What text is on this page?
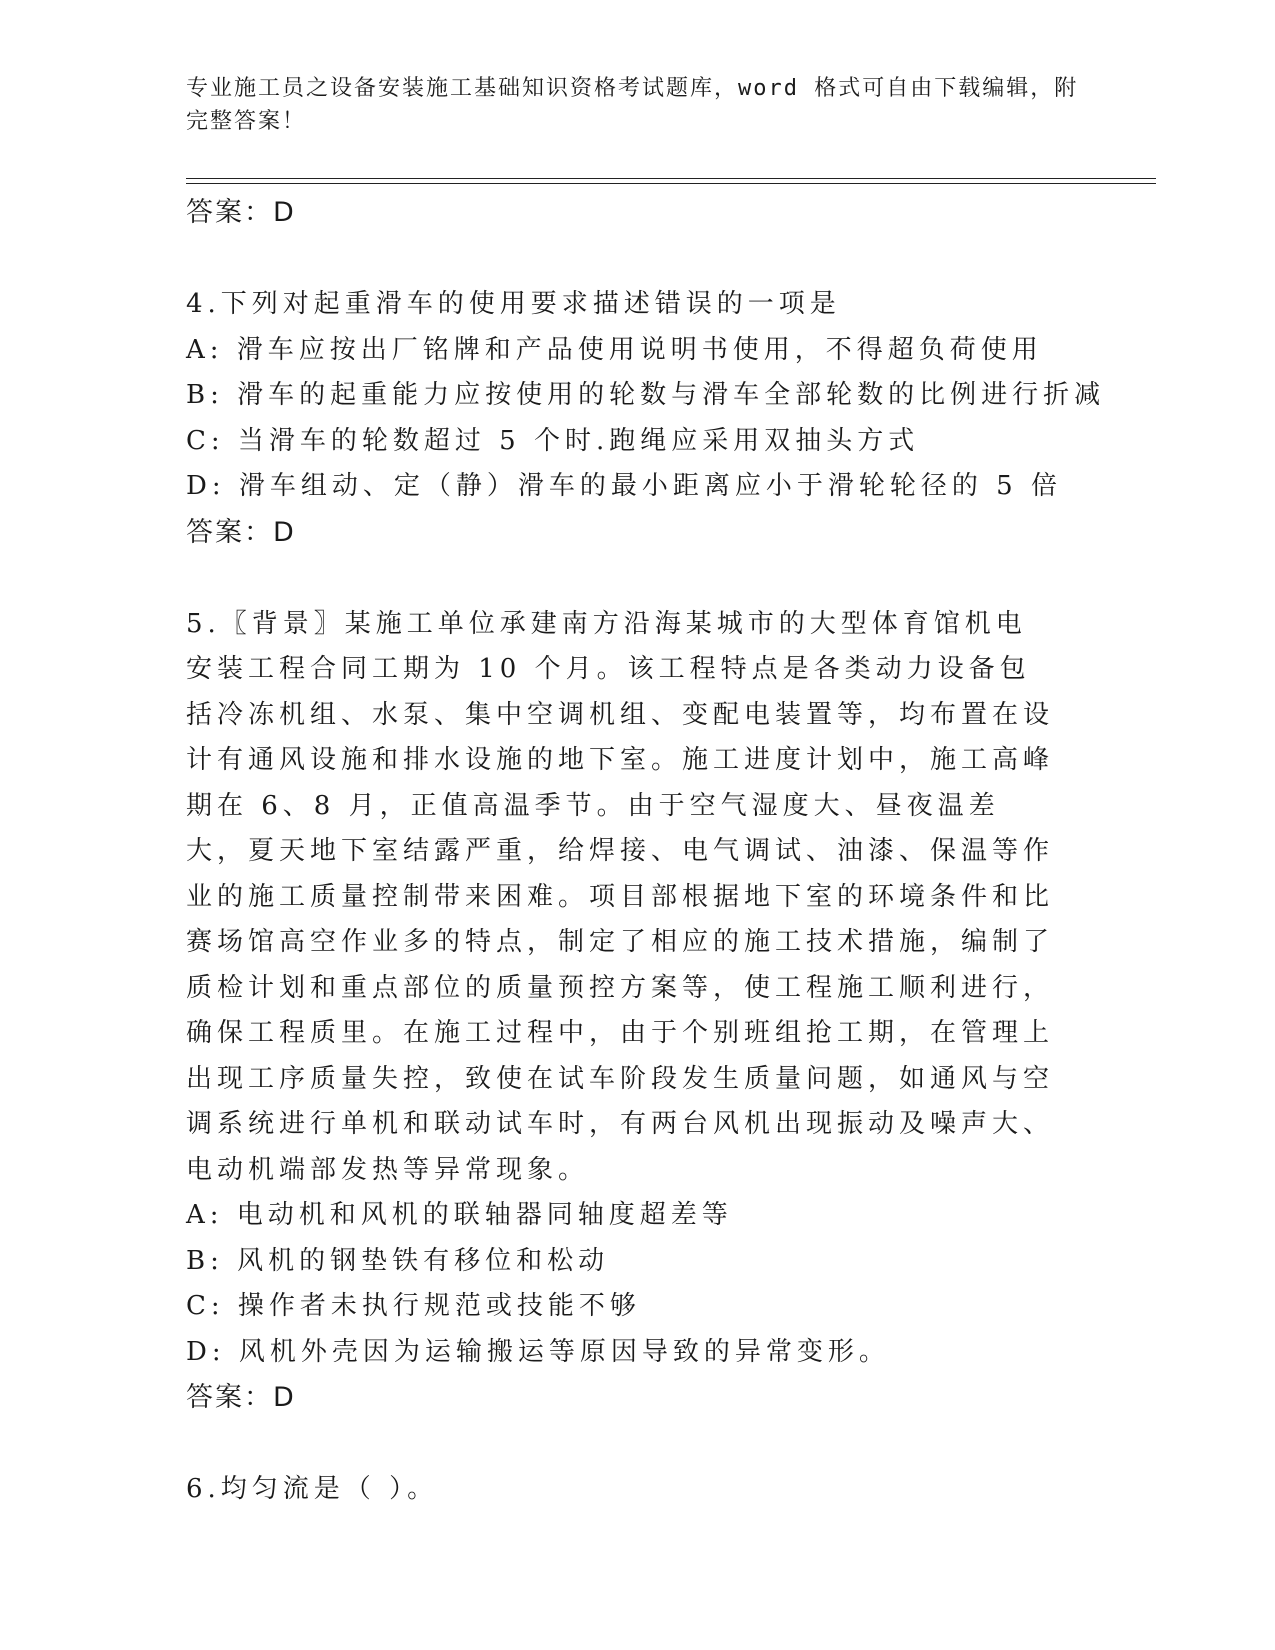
专业施工员之设备安装施工基础知识资格考试题库，word 格式可自由下载编辑，附完整答案！

答案：D

4.下列对起重滑车的使用要求描述错误的一项是

A: 滑车应按出厂铭牌和产品使用说明书使用，不得超负荷使用

B: 滑车的起重能力应按使用的轮数与滑车全部轮数的比例进行折减

C: 当滑车的轮数超过 5 个时.跑绳应采用双抽头方式

D: 滑车组动、定（静）滑车的最小距离应小于滑轮轮径的 5 倍

答案：D

5.〖背景〗某施工单位承建南方沿海某城市的大型体育馆机电安装工程合同工期为 10 个月。该工程特点是各类动力设备包括冷冻机组、水泵、集中空调机组、变配电装置等，均布置在设计有通风设施和排水设施的地下室。施工进度计划中，施工高峰期在 6、8 月，正值高温季节。由于空气湿度大、昼夜温差大，夏天地下室结露严重，给焊接、电气调试、油漆、保温等作业的施工质量控制带来困难。项目部根据地下室的环境条件和比赛场馆高空作业多的特点，制定了相应的施工技术措施，编制了质检计划和重点部位的质量预控方案等，使工程施工顺利进行，确保工程质里。在施工过程中，由于个别班组抢工期，在管理上出现工序质量失控，致使在试车阶段发生质量问题，如通风与空调系统进行单机和联动试车时，有两台风机出现振动及噪声大、电动机端部发热等异常现象。

A: 电动机和风机的联轴器同轴度超差等

B: 风机的钢垫铁有移位和松动

C: 操作者未执行规范或技能不够

D: 风机外壳因为运输搬运等原因导致的异常变形。

答案：D

6.均匀流是（ ）。
